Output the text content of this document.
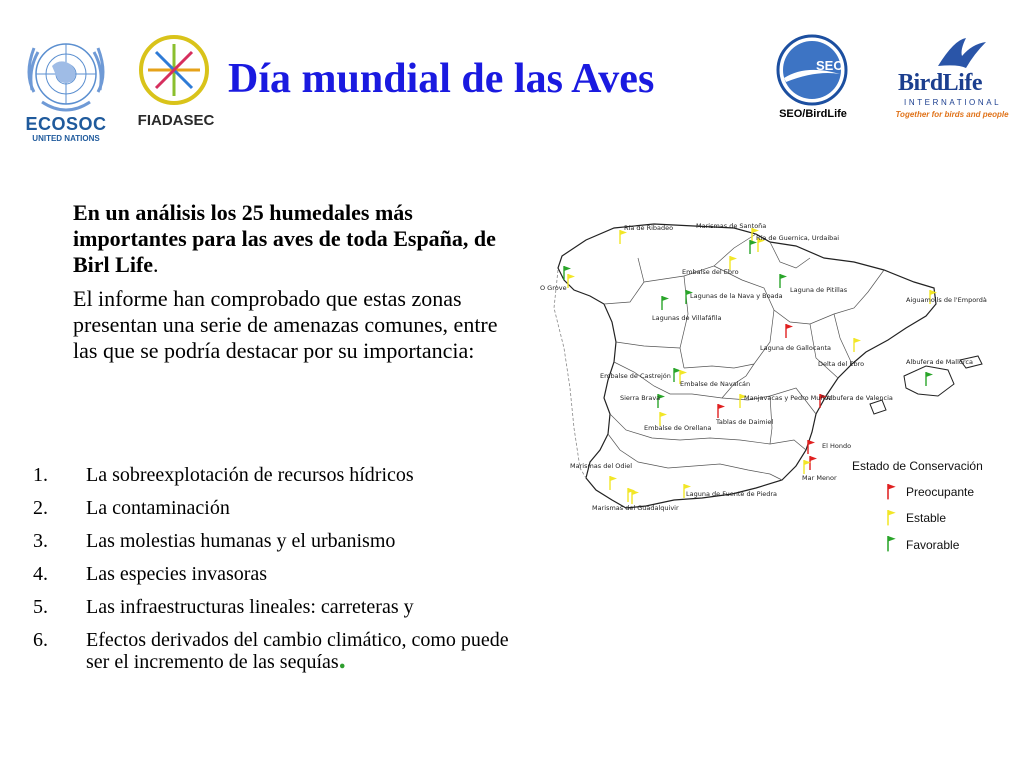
ECOSOC
UNITED NATIONS
FIADASEC
Día mundial de las Aves	SEO
SEO/BirdLife
BirdLife
INTERNATIONAL
Together for birds and people

En un análisis los 25 humedales más importantes para las aves de toda España, de Birl Life.

El informe han comprobado que estas zonas presentan una serie de amenazas comunes, entre las que se podría destacar por su importancia:

1. La sobreexplotación de recursos hídricos
2. La contaminación
3. Las molestias humanas y el urbanismo
4. Las especies invasoras
5. Las infraestructuras lineales: carreteras y
6. Efectos derivados del cambio climático, como puede ser el incremento de las sequías.
Ría de Ribadeo	Marismas de Santoña
Ría de Guernica, Urdaibai
O Grove
Embalse del Ebro
Laguna de Pitillas
Lagunas de la Nava y Boada
Lagunas de Villafáfila
Aiguamolls de l'Empordà
Laguna de Gallocanta
Delta del Ebro	Albufera de Mallorca
Embalse de Castrejón
Embalse de Navalcán
Manjavacas y Pedro Muñoz
Sierra Brava	Albufera de Valencia
Tablas de Daimiel
Embalse de Orellana
El Hondo
Marismas del Odiel
Mar Menor
Laguna de Fuente de Piedra
Marismas del Guadalquivir
Estado de Conservación
Preocupante
Estable
Favorable
